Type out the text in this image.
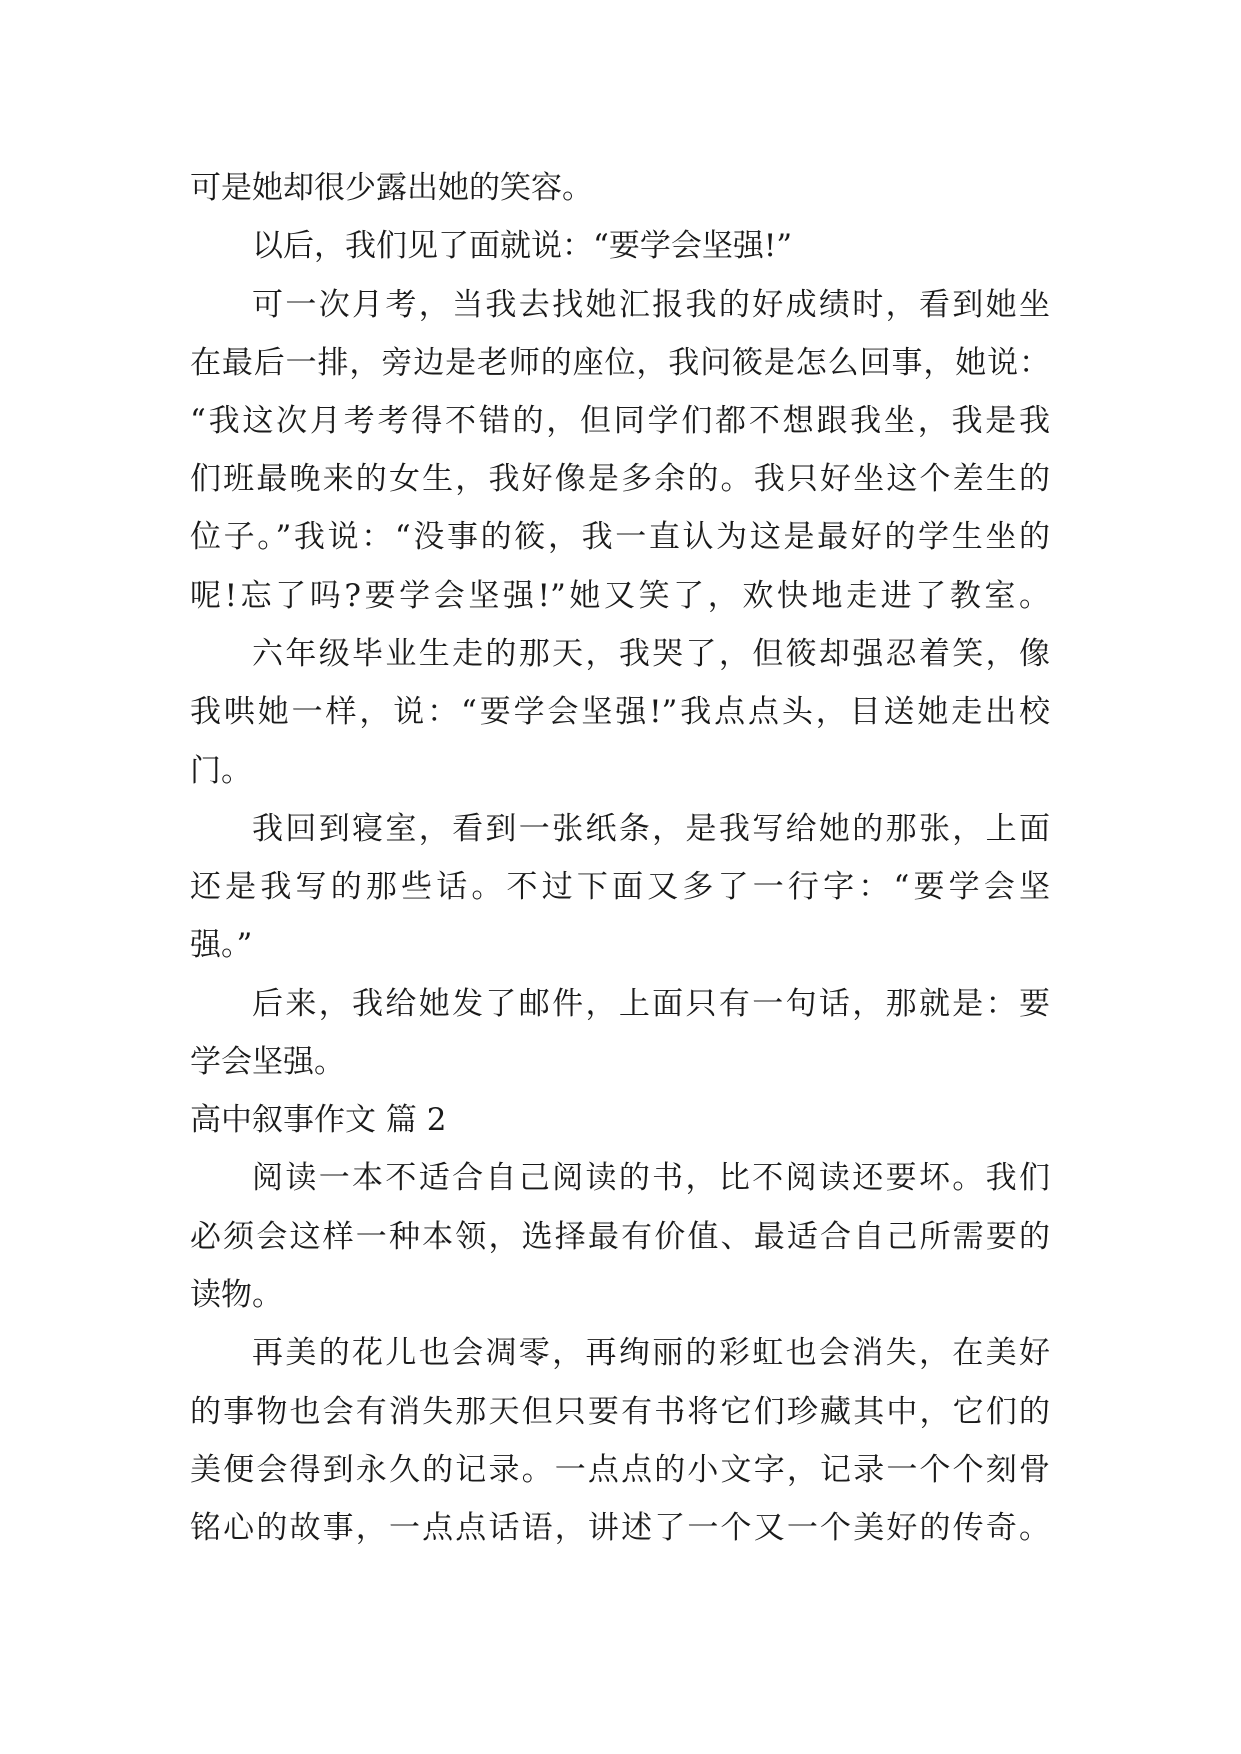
可是她却很少露出她的笑容。
以后，我们见了面就说：“要学会坚强!”
可一次月考，当我去找她汇报我的好成绩时，看到她坐
在最后一排，旁边是老师的座位，我问筱是怎么回事，她说：
“我这次月考考得不错的，但同学们都不想跟我坐，我是我
们班最晚来的女生，我好像是多余的。我只好坐这个差生的
位子。”我说：“没事的筱，我一直认为这是最好的学生坐的
呢!忘了吗?要学会坚强!”她又笑了，欢快地走进了教室。
六年级毕业生走的那天，我哭了，但筱却强忍着笑，像
我哄她一样，说：“要学会坚强!”我点点头，目送她走出校
门。
我回到寝室，看到一张纸条，是我写给她的那张，上面
还是我写的那些话。不过下面又多了一行字：“要学会坚
强。”
后来，我给她发了邮件，上面只有一句话，那就是：要
学会坚强。
高中叙事作文 篇 2
阅读一本不适合自己阅读的书，比不阅读还要坏。我们
必须会这样一种本领，选择最有价值、最适合自己所需要的
读物。
再美的花儿也会凋零，再绚丽的彩虹也会消失，在美好
的事物也会有消失那天但只要有书将它们珍藏其中，它们的
美便会得到永久的记录。一点点的小文字，记录一个个刻骨
铭心的故事，一点点话语，讲述了一个又一个美好的传奇。
